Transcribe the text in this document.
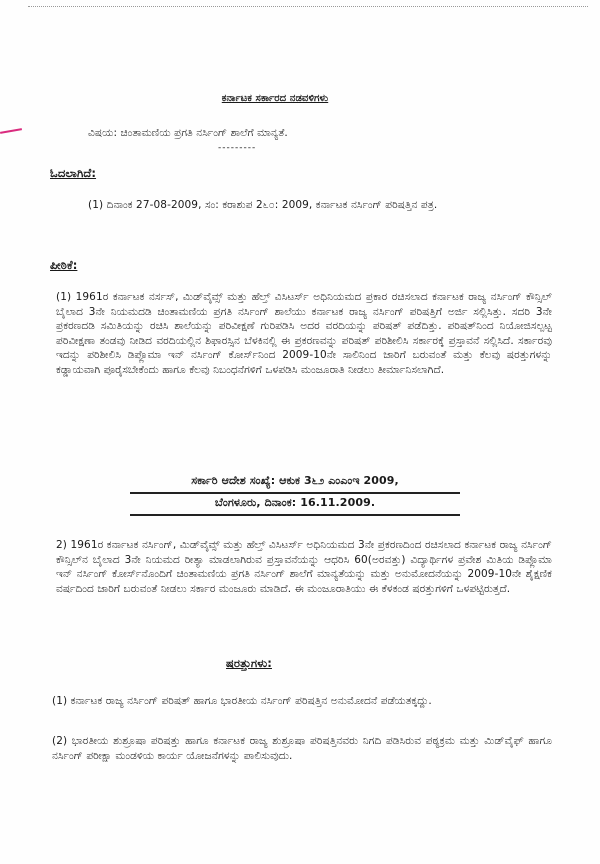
ಕರ್ನಾಟಕ ಸರ್ಕಾರದ ನಡವಳಿಗಳು
ವಿಷಯ: ಚಿಂತಾಮಣಿಯ ಪ್ರಗತಿ ನರ್ಸಿಂಗ್ ಶಾಲೆಗೆ ಮಾನ್ಯತೆ.
---------
ಓದಲಾಗಿದೆ:
(1) ದಿನಾಂಕ 27-08-2009, ಸಂ: ಕರಾಶುಪ 2೬೦: 2009, ಕರ್ನಾಟಕ ನರ್ಸಿಂಗ್ ಪರಿಷತ್ತಿನ ಪತ್ರ.
ಪೀಠಿಕೆ:
(1) 1961ರ ಕರ್ನಾಟಕ ನರ್ಸಸ್, ಮಿಡ್‌ವೈವ್ಸ್ ಮತ್ತು ಹೆಲ್ತ್ ವಿಸಿಟರ್ಸ್ ಅಧಿನಿಯಮದ ಪ್ರಕಾರ ರಚಿಸಲಾದ ಕರ್ನಾಟಕ ರಾಜ್ಯ ನರ್ಸಿಂಗ್ ಕೌನ್ಸಿಲ್ ಬೈಲಾದ 3ನೇ ನಿಯಮದಡಿ ಚಿಂತಾಮಣಿಯ ಪ್ರಗತಿ ನರ್ಸಿಂಗ್ ಶಾಲೆಯು ಕರ್ನಾಟಕ ರಾಜ್ಯ ನರ್ಸಿಂಗ್ ಪರಿಷತ್ತಿಗೆ ಅರ್ಜಿ ಸಲ್ಲಿಸಿತ್ತು. ಸದರಿ 3ನೇ ಪ್ರಕರಣದಡಿ ಸಮಿತಿಯನ್ನು ರಚಿಸಿ ಶಾಲೆಯನ್ನು ಪರಿವೀಕ್ಷಣೆ ಗುರಿಪಡಿಸಿ ಅದರ ವರದಿಯನ್ನು ಪರಿಷತ್ ಪಡೆದಿತ್ತು. ಪರಿಷತ್‌ನಿಂದ ನಿಯೋಜಿಸಲ್ಪಟ್ಟ ಪರಿವೀಕ್ಷಣಾ ತಂಡವು ನೀಡಿದ ವರದಿಯಲ್ಲಿನ ಶಿಫಾರಸ್ಸಿನ ಬೆಳಕಿನಲ್ಲಿ ಈ ಪ್ರಕರಣವನ್ನು ಪರಿಷತ್ ಪರಿಶೀಲಿಸಿ ಸರ್ಕಾರಕ್ಕೆ ಪ್ರಸ್ತಾವನೆ ಸಲ್ಲಿಸಿದೆ. ಸರ್ಕಾರವು ಇದನ್ನು ಪರಿಶೀಲಿಸಿ ಡಿಪ್ಲೊಮಾ ಇನ್ ನರ್ಸಿಂಗ್ ಕೋರ್ಸ್‌ನಿಂದ 2009-10ನೇ ಸಾಲಿನಿಂದ ಜಾರಿಗೆ ಬರುವಂತೆ ಮತ್ತು ಕೆಲವು ಷರತ್ತುಗಳನ್ನು ಕಡ್ಡಾಯವಾಗಿ ಪೂರೈಸಬೇಕೆಂದು ಹಾಗೂ ಕೆಲವು ನಿಬಂಧನೆಗಳಿಗೆ ಒಳಪಡಿಸಿ ಮಂಜೂರಾತಿ ನೀಡಲು ತೀರ್ಮಾನಿಸಲಾಗಿದೆ.
ಸರ್ಕಾರಿ ಆದೇಶ ಸಂಖ್ಯೆ: ಆಕುಕ 3೬೨ ಎಂಎಂಇ 2009,
ಬೆಂಗಳೂರು, ದಿನಾಂಕ: 16.11.2009.
2) 1961ರ ಕರ್ನಾಟಕ ನರ್ಸಿಂಗ್, ಮಿಡ್‌ವೈವ್ಸ್ ಮತ್ತು ಹೆಲ್ತ್ ವಿಸಿಟರ್ಸ್ ಅಧಿನಿಯಮದ 3ನೇ ಪ್ರಕರಣದಿಂದ ರಚಿಸಲಾದ ಕರ್ನಾಟಕ ರಾಜ್ಯ ನರ್ಸಿಂಗ್ ಕೌನ್ಸಿಲ್‌ನ ಬೈಲಾದ 3ನೇ ನಿಯಮದ ರೀತ್ಯಾ ಮಾಡಲಾಗಿರುವ ಪ್ರಸ್ತಾವನೆಯನ್ನು ಆಧರಿಸಿ 60(ಅರವತ್ತು) ವಿದ್ಯಾರ್ಥಿಗಳ ಪ್ರವೇಶ ಮಿತಿಯ ಡಿಪ್ಲೊಮಾ ಇನ್ ನರ್ಸಿಂಗ್ ಕೋರ್ಸ್‌ನೊಂದಿಗೆ ಚಿಂತಾಮಣಿಯ ಪ್ರಗತಿ ನರ್ಸಿಂಗ್ ಶಾಲೆಗೆ ಮಾನ್ಯತೆಯನ್ನು ಮತ್ತು ಅನುಮೋದನೆಯನ್ನು 2009-10ನೇ ಶೈಕ್ಷಣಿಕ ವರ್ಷದಿಂದ ಜಾರಿಗೆ ಬರುವಂತೆ ನೀಡಲು ಸರ್ಕಾರ ಮಂಜೂರು ಮಾಡಿದೆ. ಈ ಮಂಜೂರಾತಿಯು ಈ ಕೆಳಕಂಡ ಷರತ್ತುಗಳಿಗೆ ಒಳಪಟ್ಟಿರುತ್ತದೆ.
ಷರತ್ತುಗಳು:
(1) ಕರ್ನಾಟಕ ರಾಜ್ಯ ನರ್ಸಿಂಗ್ ಪರಿಷತ್ ಹಾಗೂ ಭಾರತೀಯ ನರ್ಸಿಂಗ್ ಪರಿಷತ್ತಿನ ಅನುಮೋದನೆ ಪಡೆಯತಕ್ಕದ್ದು.
(2) ಭಾರತೀಯ ಶುಶ್ರೂಷಾ ಪರಿಷತ್ತು ಹಾಗೂ ಕರ್ನಾಟಕ ರಾಜ್ಯ ಶುಶ್ರೂಷಾ ಪರಿಷತ್ತಿನವರು ನಿಗದಿ ಪಡಿಸಿರುವ ಪಠ್ಯಕ್ರಮ ಮತ್ತು ಮಿಡ್‌ವೈಫ್ ಹಾಗೂ ನರ್ಸಿಂಗ್ ಪರೀಕ್ಷಾ ಮಂಡಳಿಯ ಕಾರ್ಯ ಯೋಜನೆಗಳನ್ನು ಪಾಲಿಸುವುದು.
